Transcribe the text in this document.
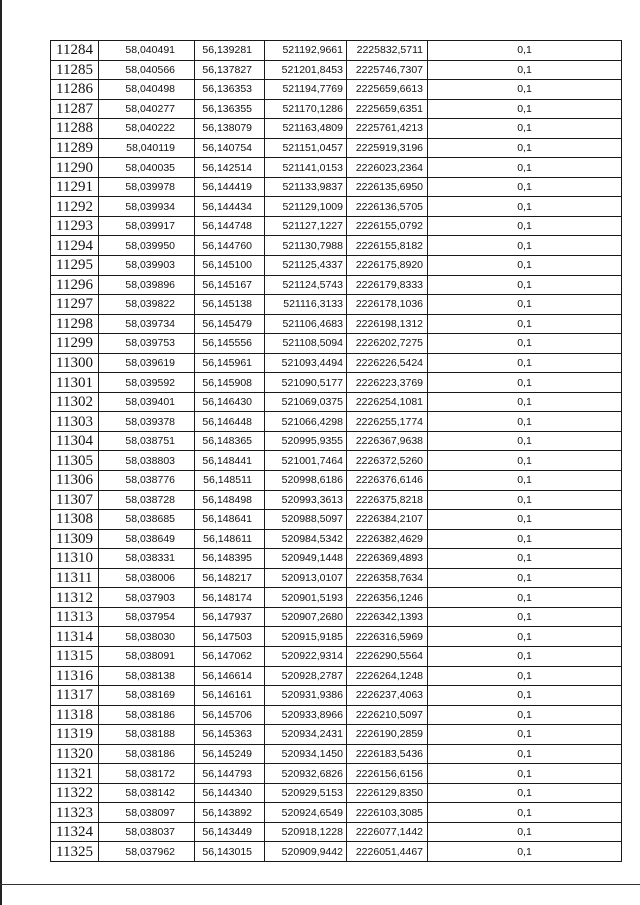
11284	58,040491	56,139281	521192,9661	2225832,5711	0,1
11285	58,040566	56,137827	521201,8453	2225746,7307	0,1
11286	58,040498	56,136353	521194,7769	2225659,6613	0,1
11287	58,040277	56,136355	521170,1286	2225659,6351	0,1
11288	58,040222	56,138079	521163,4809	2225761,4213	0,1
11289	58,040119	56,140754	521151,0457	2225919,3196	0,1
11290	58,040035	56,142514	521141,0153	2226023,2364	0,1
11291	58,039978	56,144419	521133,9837	2226135,6950	0,1
11292	58,039934	56,144434	521129,1009	2226136,5705	0,1
11293	58,039917	56,144748	521127,1227	2226155,0792	0,1
11294	58,039950	56,144760	521130,7988	2226155,8182	0,1
11295	58,039903	56,145100	521125,4337	2226175,8920	0,1
11296	58,039896	56,145167	521124,5743	2226179,8333	0,1
11297	58,039822	56,145138	521116,3133	2226178,1036	0,1
11298	58,039734	56,145479	521106,4683	2226198,1312	0,1
11299	58,039753	56,145556	521108,5094	2226202,7275	0,1
11300	58,039619	56,145961	521093,4494	2226226,5424	0,1
11301	58,039592	56,145908	521090,5177	2226223,3769	0,1
11302	58,039401	56,146430	521069,0375	2226254,1081	0,1
11303	58,039378	56,146448	521066,4298	2226255,1774	0,1
11304	58,038751	56,148365	520995,9355	2226367,9638	0,1
11305	58,038803	56,148441	521001,7464	2226372,5260	0,1
11306	58,038776	56,148511	520998,6186	2226376,6146	0,1
11307	58,038728	56,148498	520993,3613	2226375,8218	0,1
11308	58,038685	56,148641	520988,5097	2226384,2107	0,1
11309	58,038649	56,148611	520984,5342	2226382,4629	0,1
11310	58,038331	56,148395	520949,1448	2226369,4893	0,1
11311	58,038006	56,148217	520913,0107	2226358,7634	0,1
11312	58,037903	56,148174	520901,5193	2226356,1246	0,1
11313	58,037954	56,147937	520907,2680	2226342,1393	0,1
11314	58,038030	56,147503	520915,9185	2226316,5969	0,1
11315	58,038091	56,147062	520922,9314	2226290,5564	0,1
11316	58,038138	56,146614	520928,2787	2226264,1248	0,1
11317	58,038169	56,146161	520931,9386	2226237,4063	0,1
11318	58,038186	56,145706	520933,8966	2226210,5097	0,1
11319	58,038188	56,145363	520934,2431	2226190,2859	0,1
11320	58,038186	56,145249	520934,1450	2226183,5436	0,1
11321	58,038172	56,144793	520932,6826	2226156,6156	0,1
11322	58,038142	56,144340	520929,5153	2226129,8350	0,1
11323	58,038097	56,143892	520924,6549	2226103,3085	0,1
11324	58,038037	56,143449	520918,1228	2226077,1442	0,1
11325	58,037962	56,143015	520909,9442	2226051,4467	0,1
